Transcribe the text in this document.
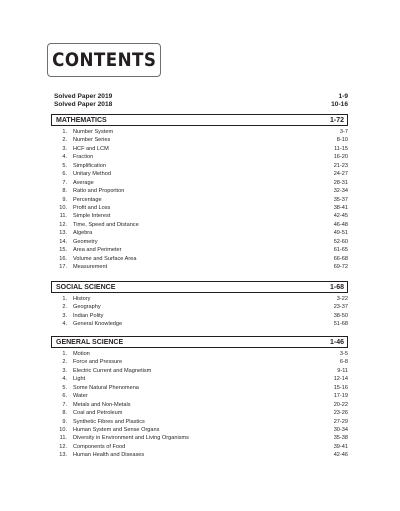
CONTENTS
Solved Paper 2019	1-9
Solved Paper 2018	10-16
MATHEMATICS	1-72
1.	Number System	3-7
2.	Number Series	8-10
3.	HCF and LCM	11-15
4.	Fraction	16-20
5.	Simplification	21-23
6.	Unitary Method	24-27
7.	Average	28-31
8.	Ratio and Proportion	32-34
9.	Percentage	35-37
10.	Profit and Loss	38-41
11.	Simple Interest	42-45
12.	Time, Speed and Distance	46-48
13.	Algebra	49-51
14.	Geometry	52-60
15.	Area and Perimeter	61-65
16.	Volume and Surface Area	66-68
17.	Measurement	69-72
SOCIAL SCIENCE	1-68
1.	History	3-22
2.	Geography	23-37
3.	Indian Polity	38-50
4.	General Knowledge	51-68
GENERAL SCIENCE	1-46
1.	Motion	3-5
2.	Force and Pressure	6-8
3.	Electric Current and Magnetism	9-11
4.	Light	12-14
5.	Some Natural Phenomena	15-16
6.	Water	17-19
7.	Metals and Non-Metals	20-22
8.	Coal and Petroleum	23-26
9.	Synthetic Fibres and Plastics	27-29
10.	Human System and Sense Organs	30-34
11.	Diversity in Environment and Living Organisms	35-38
12.	Components of Food	39-41
13.	Human Health and Diseases	42-46
